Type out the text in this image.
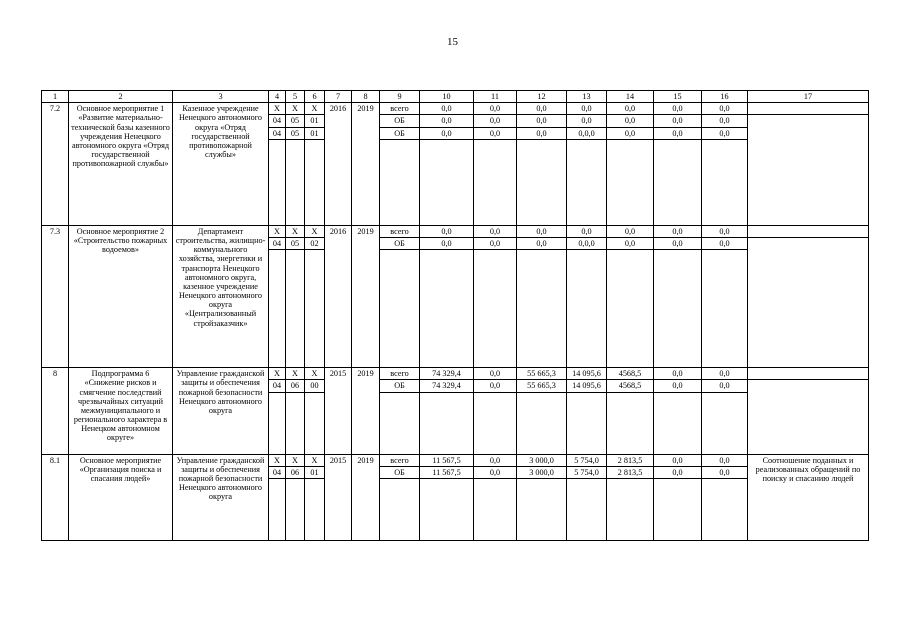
15
1	2	3	4	5	6	7	8	9	10	11	12	13	14	15	16	17
7.2	Основное мероприятие 1 «Развитие материально-технической базы казенного учреждения Ненецкого автономного округа «Отряд государственной противопожарной службы»	Казенное учреждение Ненецкого автономного округа «Отряд государственной противопожарной службы»	X	X	X	2016	2019	всего	0,0	0,0	0,0	0,0	0,0	0,0	0,0	
			04	05	01			ОБ	0,0	0,0	0,0	0,0	0,0	0,0	0,0	
			04	05	01			ОБ	0,0	0,0	0,0	0,0,0	0,0	0,0	0,0	

7.3	Основное мероприятие 2 «Строительство пожарных водоемов»	Департамент строительства, жилищно-коммунального хозяйства, энергетики и транспорта Ненецкого автономного округа, казенное учреждение Ненецкого автономного округа «Централизованный стройзаказчик»	X	X	X	2016	2019	всего	0,0	0,0	0,0	0,0	0,0	0,0	0,0	
			04	05	02			ОБ	0,0	0,0	0,0	0,0,0	0,0	0,0	0,0	

8	Подпрограмма 6 «Снижение рисков и смягчение последствий чрезвычайных ситуаций межмуниципального и регионального характера в Ненецком автономном округе»	Управление гражданской защиты и обеспечения пожарной безопасности Ненецкого автономного округа	X	X	X	2015	2019	всего	74 329,4	0,0	55 665,3	14 095,6	4568,5	0,0	0,0	
			04	06	00			ОБ	74 329,4	0,0	55 665,3	14 095,6	4568,5	0,0	0,0	

8.1	Основное мероприятие «Организация поиска и спасания людей»	Управление гражданской защиты и обеспечения пожарной безопасности Ненецкого автономного округа	X	X	X	2015	2019	всего	11 567,5	0,0	3 000,0	5 754,0	2 813,5	0,0	0,0	Соотношение поданных и реализованных обращений по поиску и спасанию людей
			04	06	01			ОБ	11 567,5	0,0	3 000,0	5 754,0	2 813,5	0,0	0,0	
